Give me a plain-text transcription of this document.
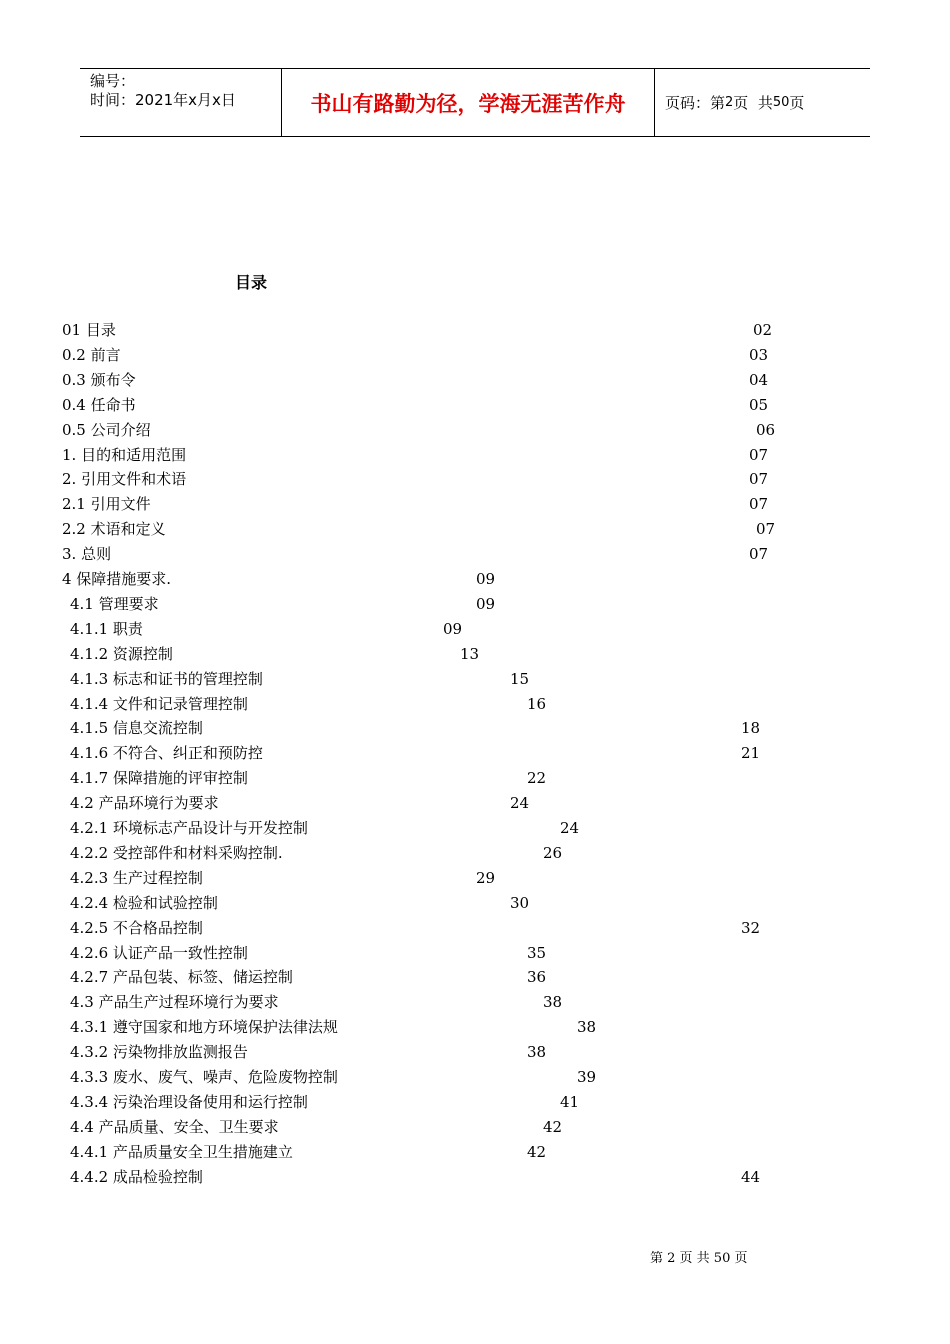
编号：
时间：2021年x月x日	书山有路勤为径，学海无涯苦作舟	页码：第 2 页  共 50 页
目录
01 目录	02
0.2 前言	03
0.3 颁布令	04
0.4 任命书	05
0.5 公司介绍	06
1. 目的和适用范围	07
2. 引用文件和术语	07
2.1 引用文件	07
2.2 术语和定义	07
3. 总则	07
4 保障措施要求.	09
4.1 管理要求	09
4.1.1 职责	09
4.1.2 资源控制	13
4.1.3 标志和证书的管理控制	15
4.1.4 文件和记录管理控制	16
4.1.5 信息交流控制	18
4.1.6 不符合、纠正和预防控	21
4.1.7 保障措施的评审控制	22
4.2 产品环境行为要求	24
4.2.1 环境标志产品设计与开发控制	24
4.2.2 受控部件和材料采购控制.	26
4.2.3 生产过程控制	29
4.2.4 检验和试验控制	30
4.2.5 不合格品控制	32
4.2.6 认证产品一致性控制	35
4.2.7 产品包装、标签、储运控制	36
4.3 产品生产过程环境行为要求	38
4.3.1 遵守国家和地方环境保护法律法规	38
4.3.2 污染物排放监测报告	38
4.3.3 废水、废气、噪声、危险废物控制	39
4.3.4 污染治理设备使用和运行控制	41
4.4 产品质量、安全、卫生要求	42
4.4.1 产品质量安全卫生措施建立	42
4.4.2 成品检验控制	44
第 2 页 共 50 页
